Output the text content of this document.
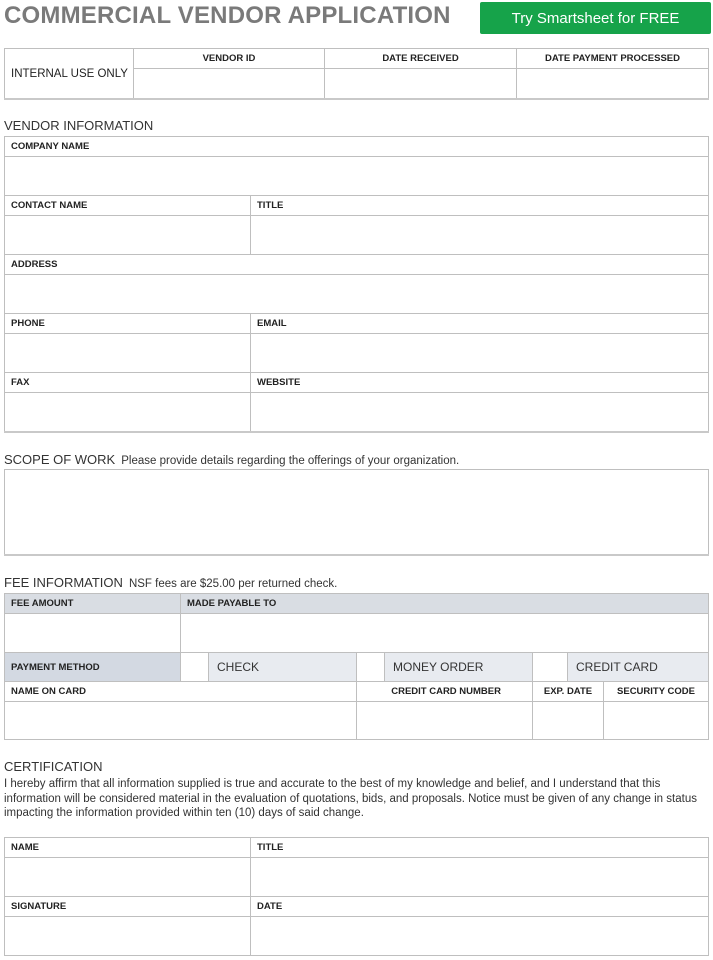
COMMERCIAL VENDOR APPLICATION	Try Smartsheet for FREE
INTERNAL USE ONLY
VENDOR ID	DATE RECEIVED	DATE PAYMENT PROCESSED
VENDOR INFORMATION
COMPANY NAME
CONTACT NAME	TITLE
ADDRESS
PHONE	EMAIL
FAX	WEBSITE
SCOPE OF WORK Please provide details regarding the offerings of your organization.
FEE INFORMATION NSF fees are $25.00 per returned check.
FEE AMOUNT	MADE PAYABLE TO
PAYMENT METHOD	CHECK	MONEY ORDER	CREDIT CARD
NAME ON CARD	CREDIT CARD NUMBER	EXP. DATE	SECURITY CODE
CERTIFICATION
I hereby affirm that all information supplied is true and accurate to the best of my knowledge and belief, and I understand that this information will be considered material in the evaluation of quotations, bids, and proposals. Notice must be given of any change in status impacting the information provided within ten (10) days of said change.
NAME	TITLE
SIGNATURE	DATE
